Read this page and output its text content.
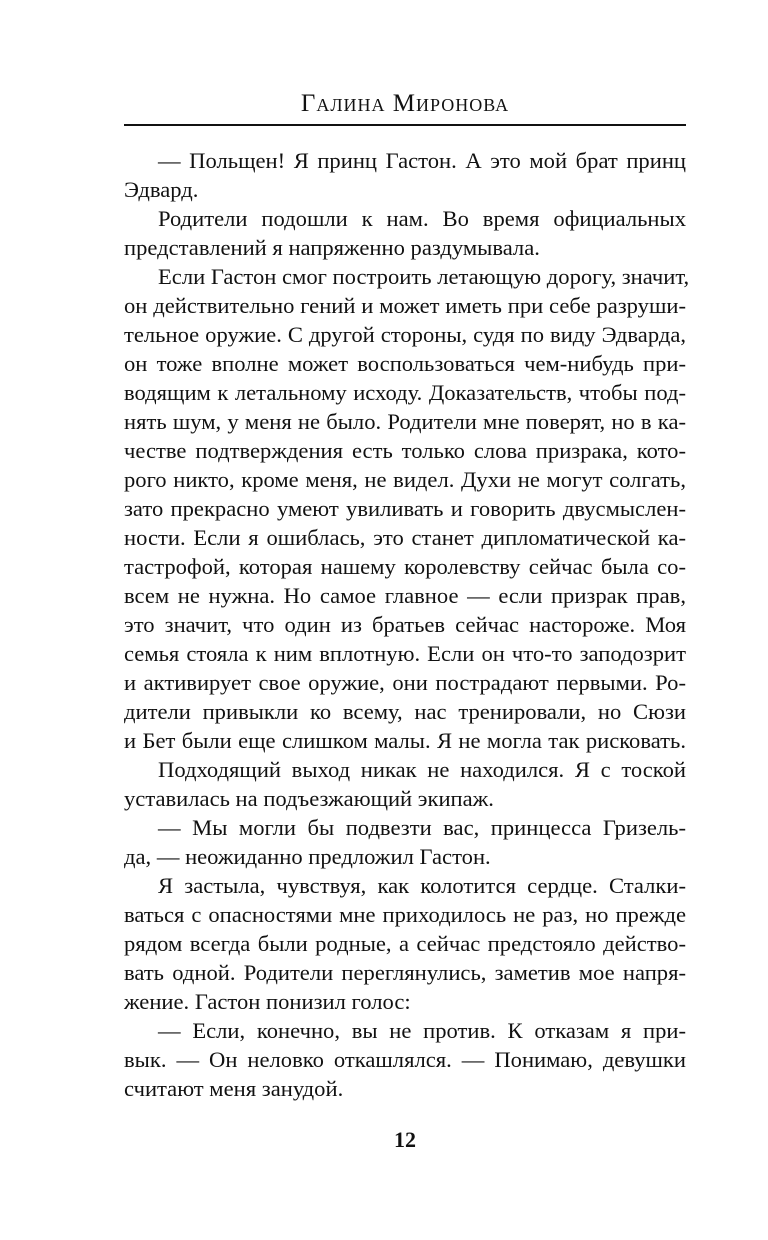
Галина Миронова
— Польщен! Я принц Гастон. А это мой брат принц
Эдвард.
Родители подошли к нам. Во время официальных
представлений я напряженно раздумывала.
Если Гастон смог построить летающую дорогу, значит,
он действительно гений и может иметь при себе разруши-
тельное оружие. С другой стороны, судя по виду Эдварда,
он тоже вполне может воспользоваться чем-нибудь при-
водящим к летальному исходу. Доказательств, чтобы под-
нять шум, у меня не было. Родители мне поверят, но в ка-
честве подтверждения есть только слова призрака, кото-
рого никто, кроме меня, не видел. Духи не могут солгать,
зато прекрасно умеют увиливать и говорить двусмыслен-
ности. Если я ошиблась, это станет дипломатической ка-
тастрофой, которая нашему королевству сейчас была со-
всем не нужна. Но самое главное — если призрак прав,
это значит, что один из братьев сейчас настороже. Моя
семья стояла к ним вплотную. Если он что-то заподозрит
и активирует свое оружие, они пострадают первыми. Ро-
дители привыкли ко всему, нас тренировали, но Сюзи
и Бет были еще слишком малы. Я не могла так рисковать.
Подходящий выход никак не находился. Я с тоской
уставилась на подъезжающий экипаж.
— Мы могли бы подвезти вас, принцесса Гризель-
да, — неожиданно предложил Гастон.
Я застыла, чувствуя, как колотится сердце. Сталки-
ваться с опасностями мне приходилось не раз, но прежде
рядом всегда были родные, а сейчас предстояло действо-
вать одной. Родители переглянулись, заметив мое напря-
жение. Гастон понизил голос:
— Если, конечно, вы не против. К отказам я при-
вык. — Он неловко откашлялся. — Понимаю, девушки
считают меня занудой.
12
